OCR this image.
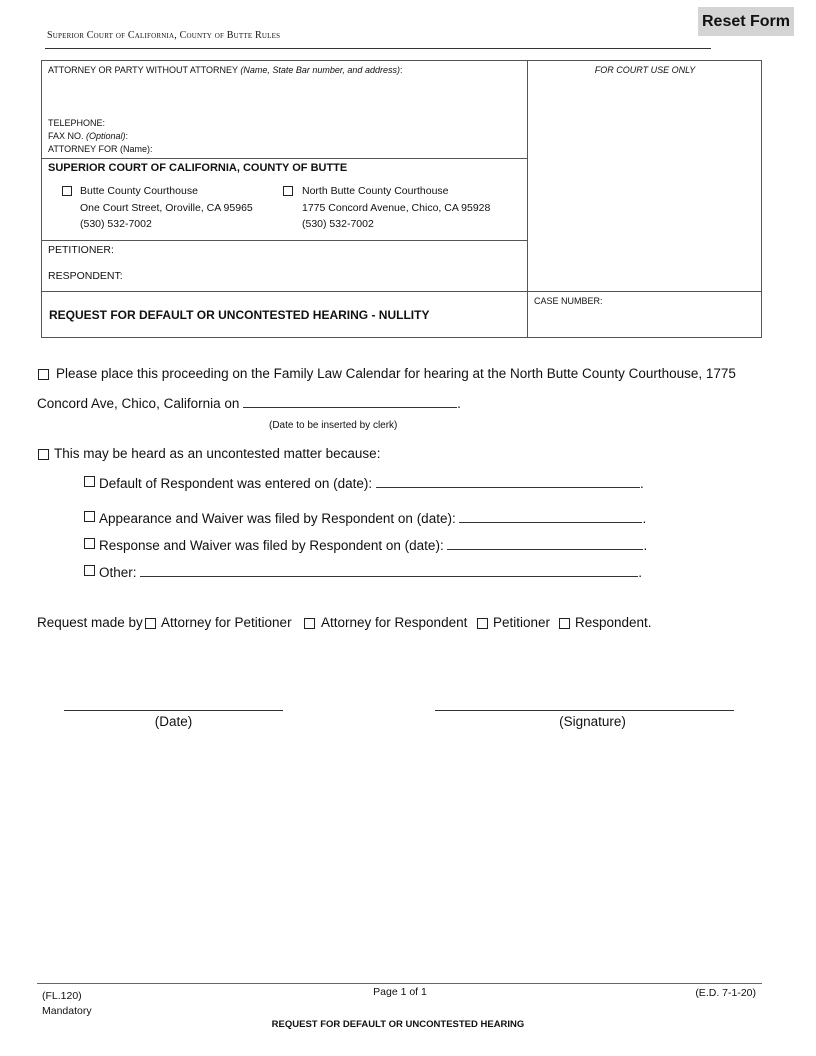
Reset Form
Superior Court of California, County of Butte Rules
ATTORNEY OR PARTY WITHOUT ATTORNEY (Name, State Bar number, and address):
TELEPHONE:
FAX NO. (Optional):
ATTORNEY FOR (Name):
FOR COURT USE ONLY
SUPERIOR COURT OF CALIFORNIA, COUNTY OF BUTTE
Butte County Courthouse
One Court Street, Oroville, CA 95965
(530) 532-7002
North Butte County Courthouse
1775 Concord Avenue, Chico, CA 95928
(530) 532-7002
PETITIONER:
RESPONDENT:
REQUEST FOR DEFAULT OR UNCONTESTED HEARING - NULLITY
CASE NUMBER:
Please place this proceeding on the Family Law Calendar for hearing at the North Butte County Courthouse, 1775
Concord Ave, Chico, California on	.
(Date to be inserted by clerk)
This may be heard as an uncontested matter because:
Default of Respondent was entered on (date):	.
Appearance and Waiver was filed by Respondent on (date):	.
Response and Waiver was filed by Respondent on (date):	.
Other:	.
Request made by Attorney for Petitioner Attorney for Respondent Petitioner Respondent.
(Date)	(Signature)
(FL.120)
Mandatory
Page 1 of 1	(E.D. 7-1-20)
REQUEST FOR DEFAULT OR UNCONTESTED HEARING
